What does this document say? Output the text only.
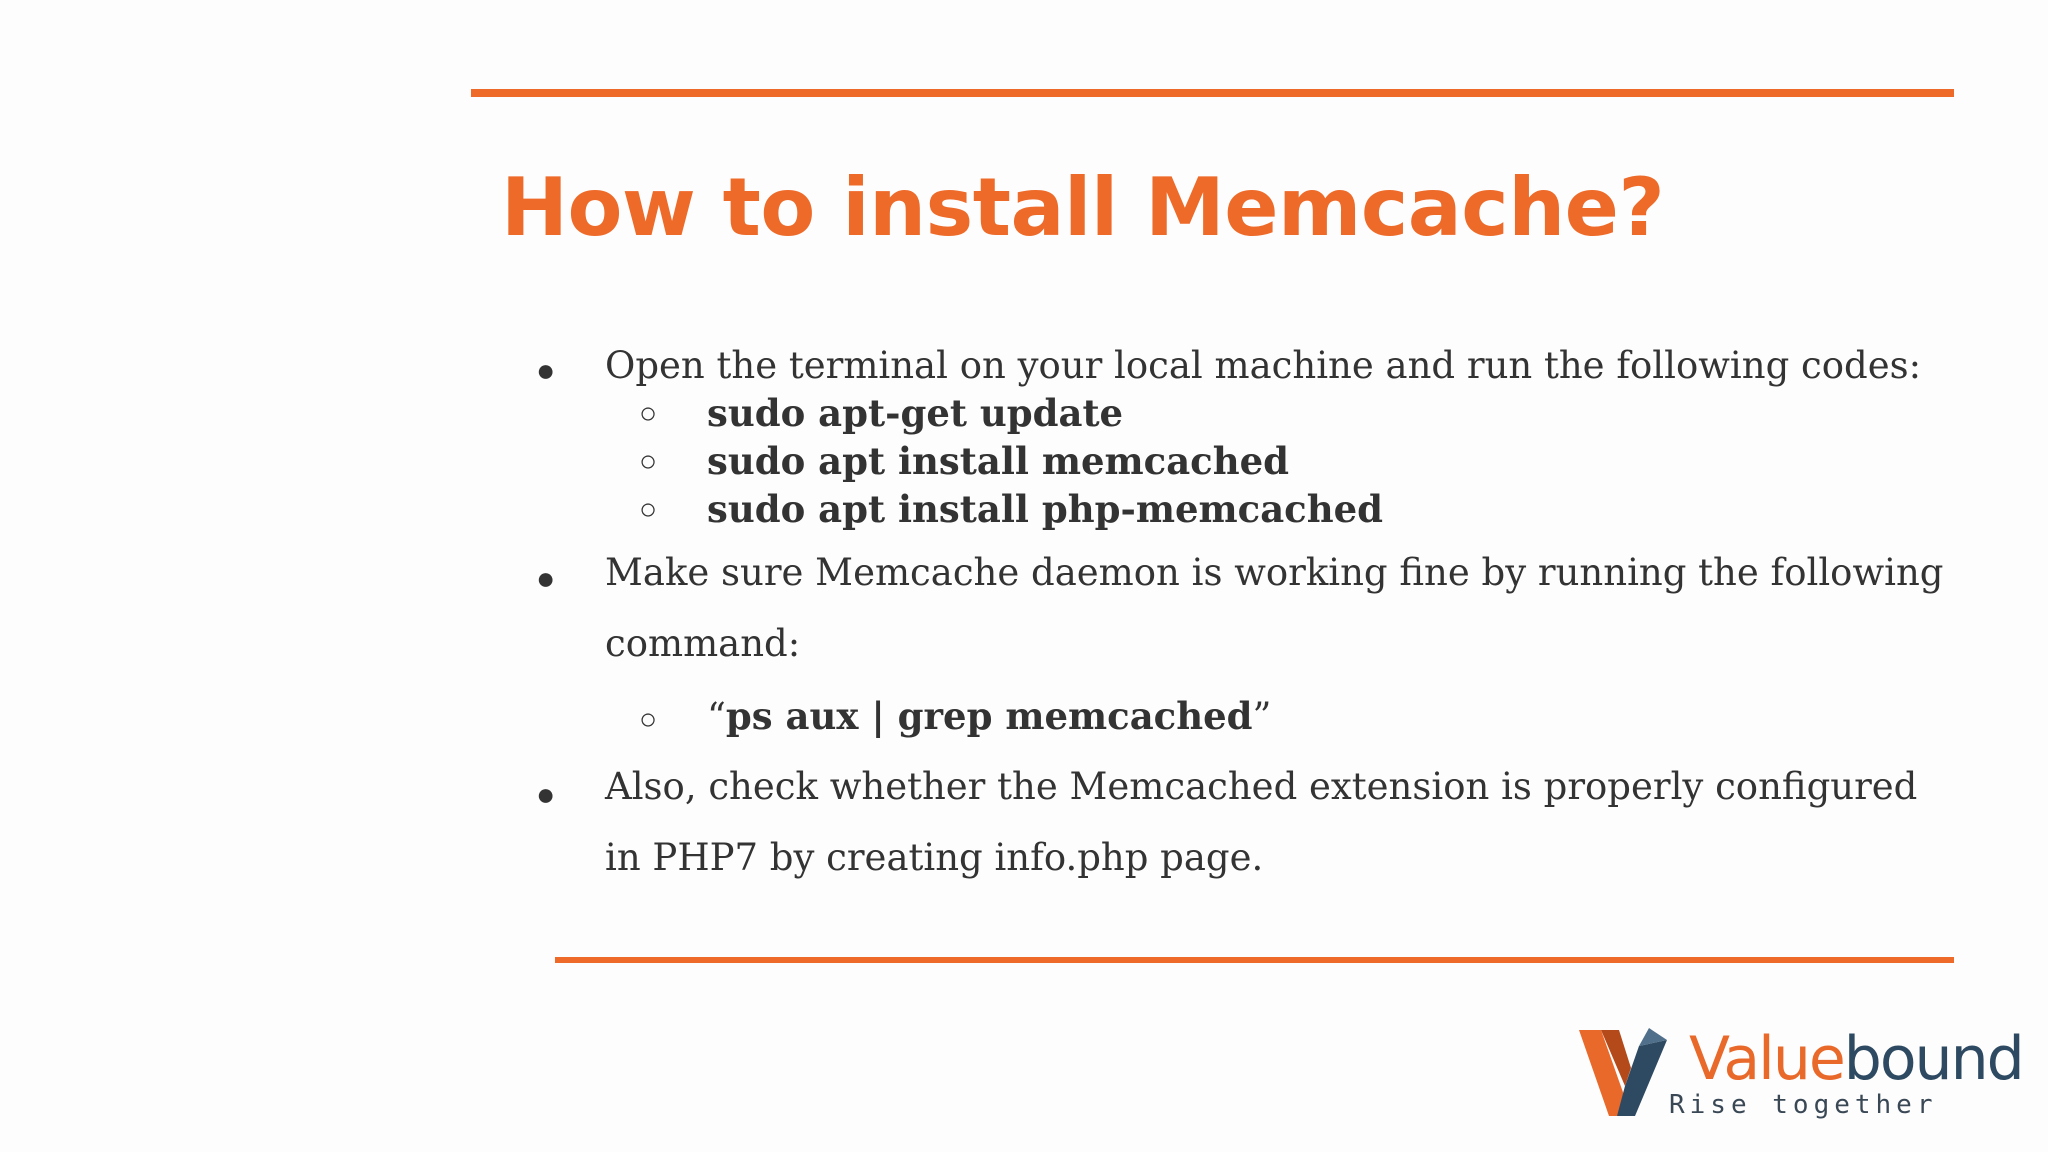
How to install Memcache?
● Open the terminal on your local machine and run the following codes:
○ sudo apt-get update
○ sudo apt install memcached
○ sudo apt install php-memcached
● Make sure Memcache daemon is working fine by running the following
command:
○ “ps aux | grep memcached”
● Also, check whether the Memcached extension is properly configured
in PHP7 by creating info.php page.
Valuebound
Rise together
